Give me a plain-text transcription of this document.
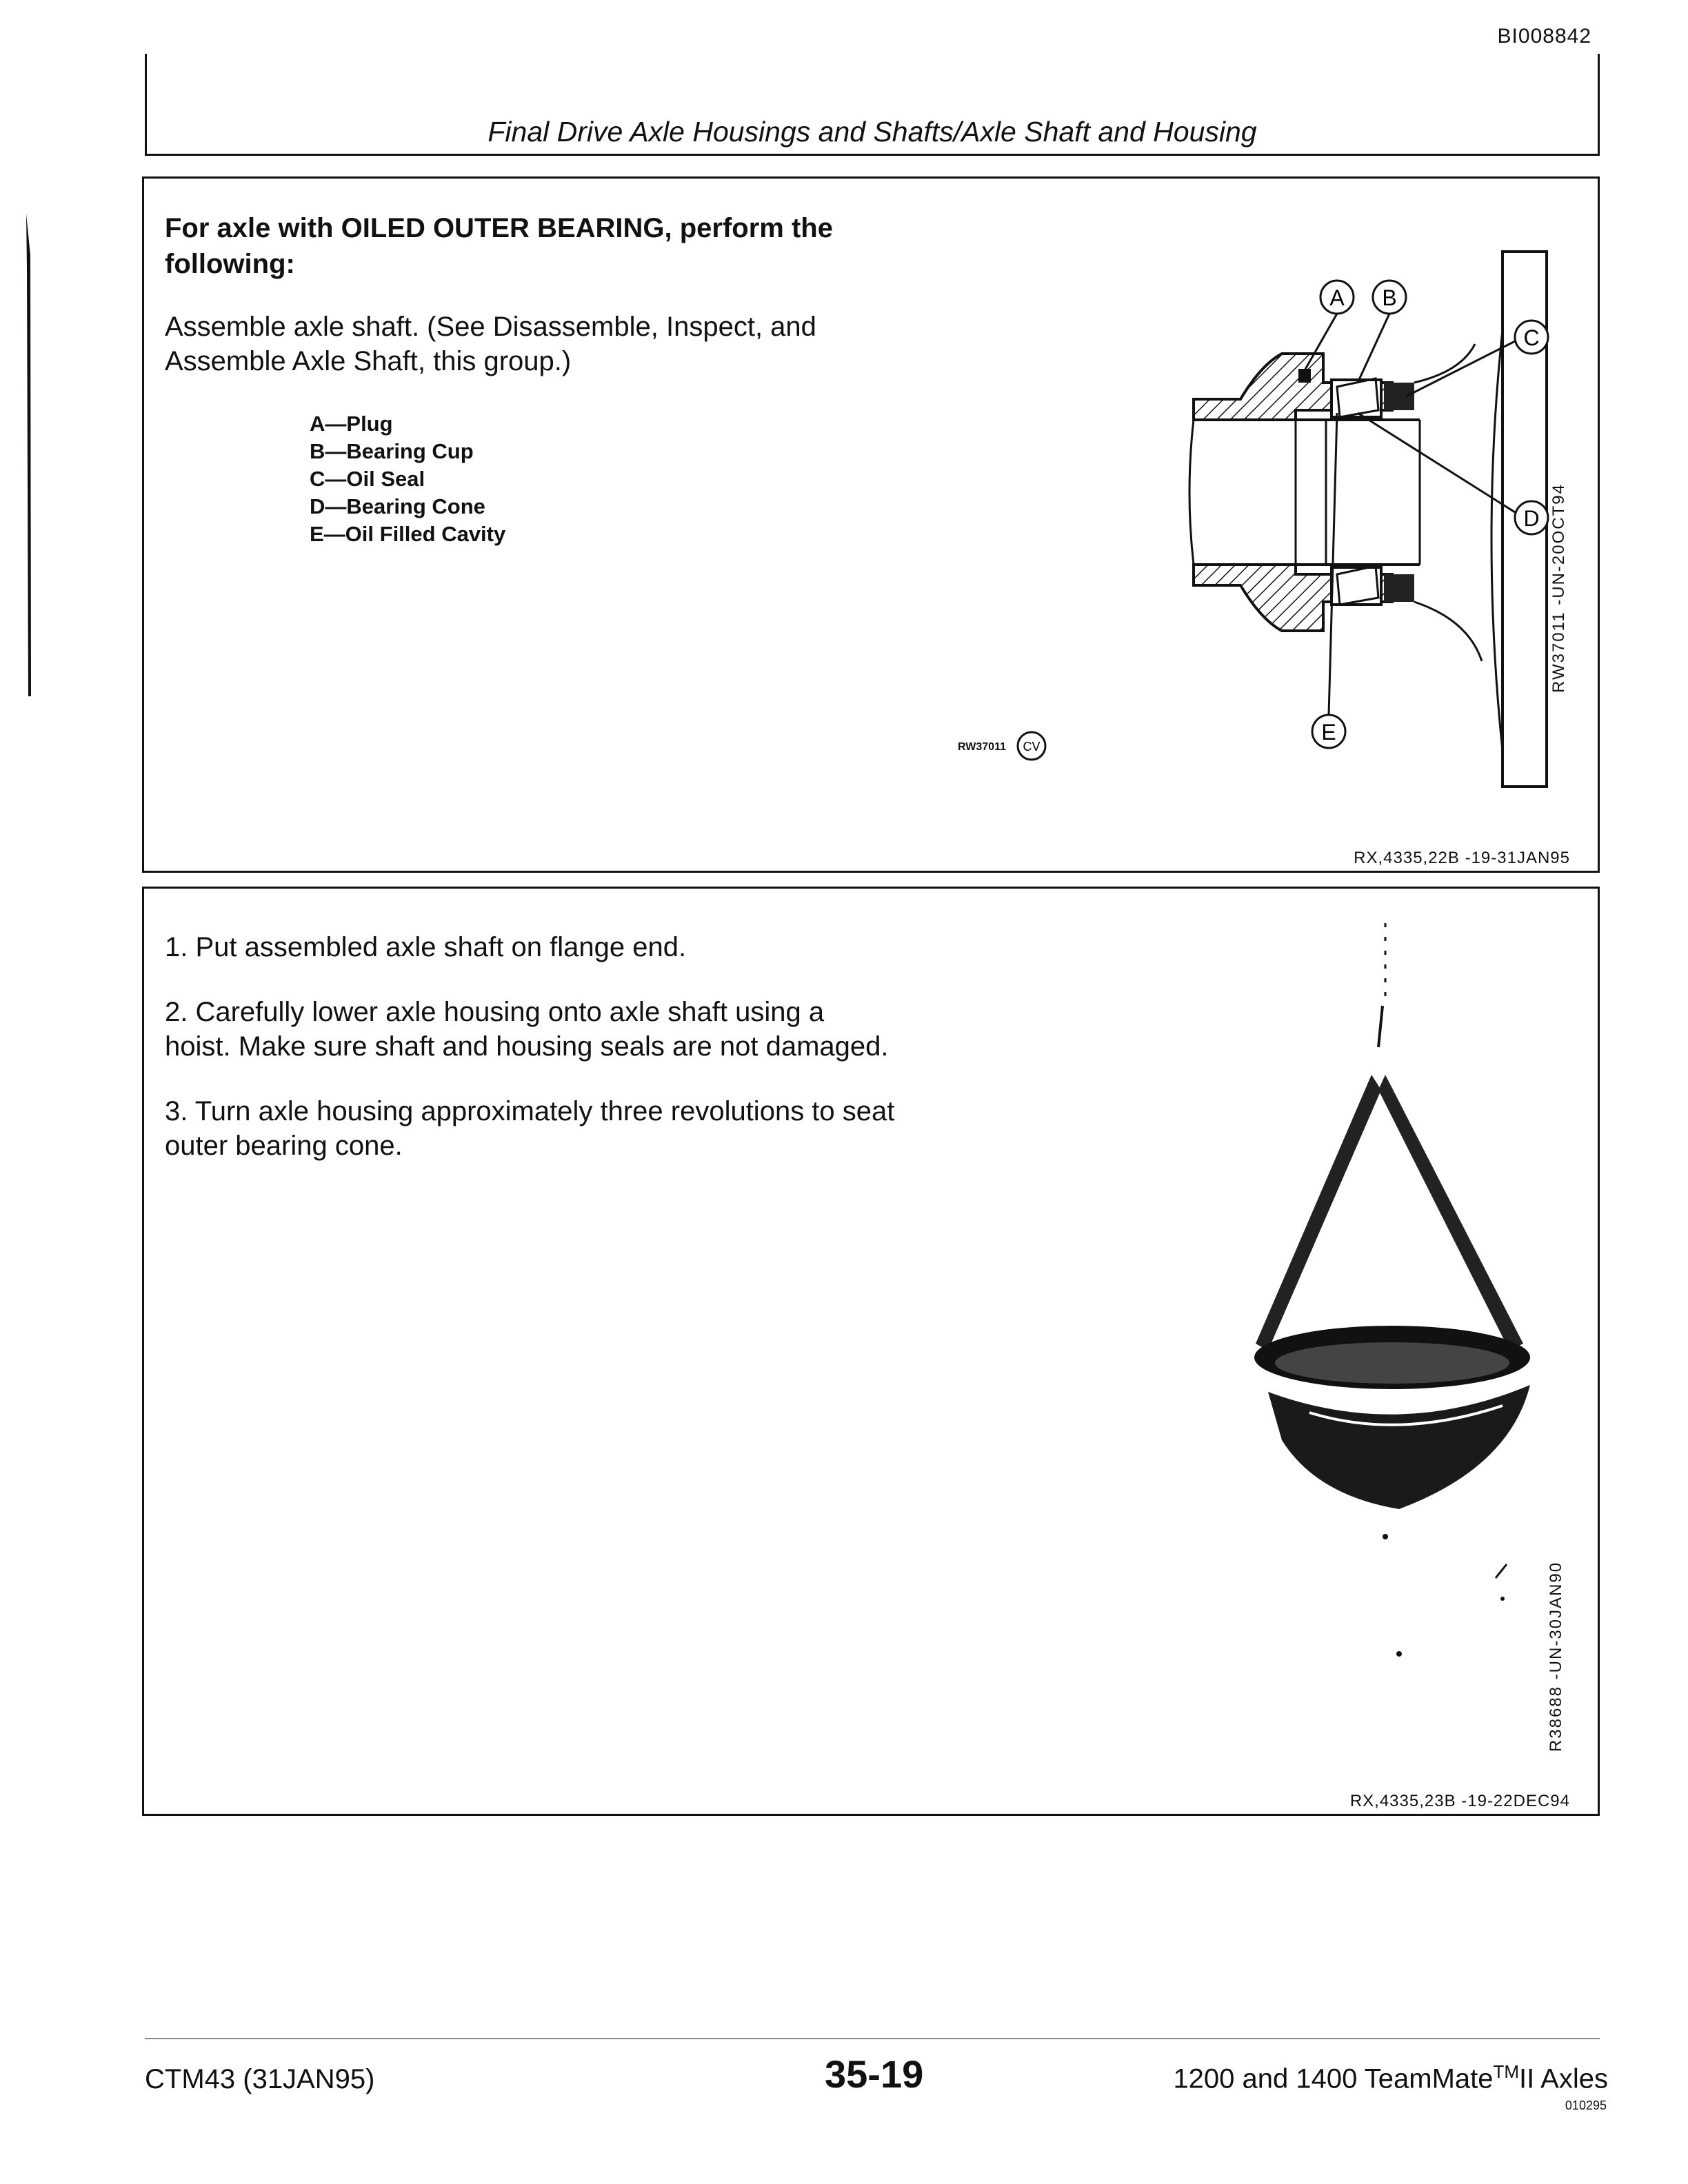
BI008842
Final Drive Axle Housings and Shafts/Axle Shaft and Housing
For axle with OILED OUTER BEARING, perform the following:
Assemble axle shaft. (See Disassemble, Inspect, and Assemble Axle Shaft, this group.)
A—Plug
B—Bearing Cup
C—Oil Seal
D—Bearing Cone
E—Oil Filled Cavity
A B
C
D
E
RW37011 CV
RW37011 -UN-20OCT94
RX,4335,22B -19-31JAN95

1. Put assembled axle shaft on flange end.

2. Carefully lower axle housing onto axle shaft using a hoist. Make sure shaft and housing seals are not damaged.

3. Turn axle housing approximately three revolutions to seat outer bearing cone.

R38688 -UN-30JAN90
RX,4335,23B -19-22DEC94
CTM43 (31JAN95)	35-19	1200 and 1400 TeamMate™II Axles
010295
